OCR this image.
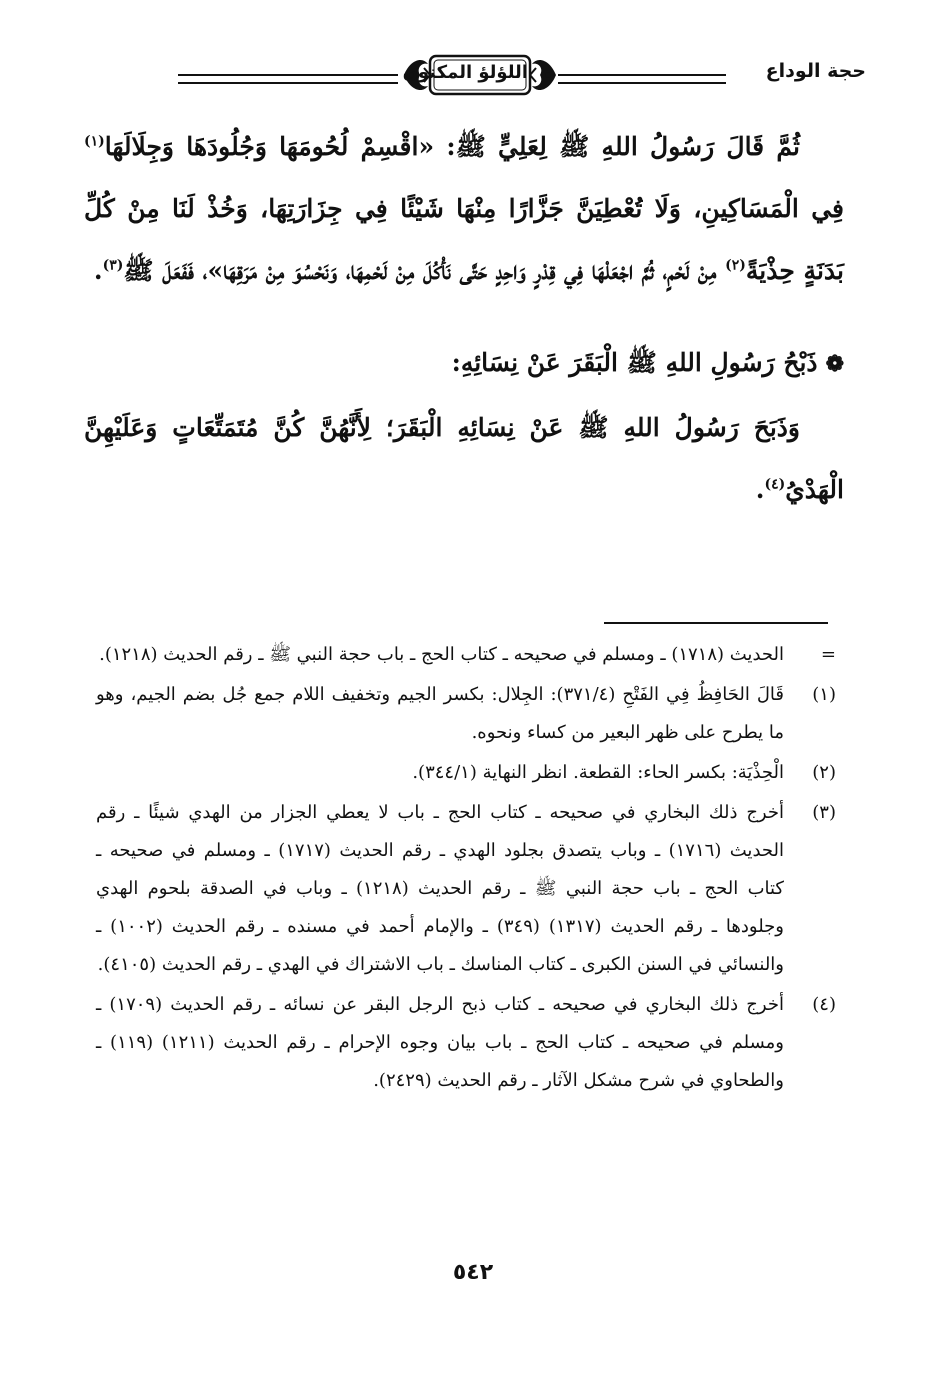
حجة الوداع
اللؤلؤ المكنون

ثُمَّ قَالَ رَسُولُ اللهِ ﷺ لِعَلِيٍّ ﷺ: «اقْسِمْ لُحُومَهَا وَجُلُودَهَا وَجِلَالَهَا$^{(١)}$ فِي الْمَسَاكِينِ، وَلَا تُعْطِيَنَّ جَزَّارًا مِنْهَا شَيْئًا فِي جِزَارَتِهَا، وَخُذْ لَنَا مِنْ كُلِّ بَدَنَةٍ حِذْيَةً$^{(٢)}$ مِنْ لَحْمٍ، ثُمَّ اجْعَلْهَا فِي قِدْرٍ وَاحِدٍ حَتَّى نَأْكُلَ مِنْ لَحْمِهَا، وَنَحْسُوَ مِنْ مَرَقِهَا»، فَفَعَلَ ﷺ$^{(٣)}$.

❁ذَبْحُ رَسُولِ اللهِ ﷺ الْبَقَرَ عَنْ نِسَائِهِ:

وَذَبَحَ رَسُولُ اللهِ ﷺ عَنْ نِسَائِهِ الْبَقَرَ؛ لِأَنَّهُنَّ كُنَّ مُتَمَتِّعَاتٍ وَعَلَيْهِنَّ الْهَدْيُ$^{(٤)}$.

=
الحديث (١٧١٨) ـ ومسلم في صحيحه ـ كتاب الحج ـ باب حجة النبي ﷺ ـ رقم الحديث (١٢١٨).
(١)
قَالَ الحَافِظُ فِي الفَتْحِ (٣٧١/٤): الجِلال: بكسر الجيم وتخفيف اللام جمع جُل بضم الجيم، وهو ما يطرح على ظهر البعير من كساء ونحوه.
(٢)
الْحِذْيَة: بكسر الحاء: القطعة. انظر النهاية (٣٤٤/١).
(٣)
أخرج ذلك البخاري في صحيحه ـ كتاب الحج ـ باب لا يعطي الجزار من الهدي شيئًا ـ رقم الحديث (١٧١٦) ـ وباب يتصدق بجلود الهدي ـ رقم الحديث (١٧١٧) ـ ومسلم في صحيحه ـ كتاب الحج ـ باب حجة النبي ﷺ ـ رقم الحديث (١٢١٨) ـ وباب في الصدقة بلحوم الهدي وجلودها ـ رقم الحديث (١٣١٧) (٣٤٩) ـ والإمام أحمد في مسنده ـ رقم الحديث (١٠٠٢) ـ والنسائي في السنن الكبرى ـ كتاب المناسك ـ باب الاشتراك في الهدي ـ رقم الحديث (٤١٠٥).
(٤)
أخرج ذلك البخاري في صحيحه ـ كتاب ذبح الرجل البقر عن نسائه ـ رقم الحديث (١٧٠٩) ـ ومسلم في صحيحه ـ كتاب الحج ـ باب بيان وجوه الإحرام ـ رقم الحديث (١٢١١) (١١٩) ـ والطحاوي في شرح مشكل الآثار ـ رقم الحديث (٢٤٢٩).
٥٤٢
